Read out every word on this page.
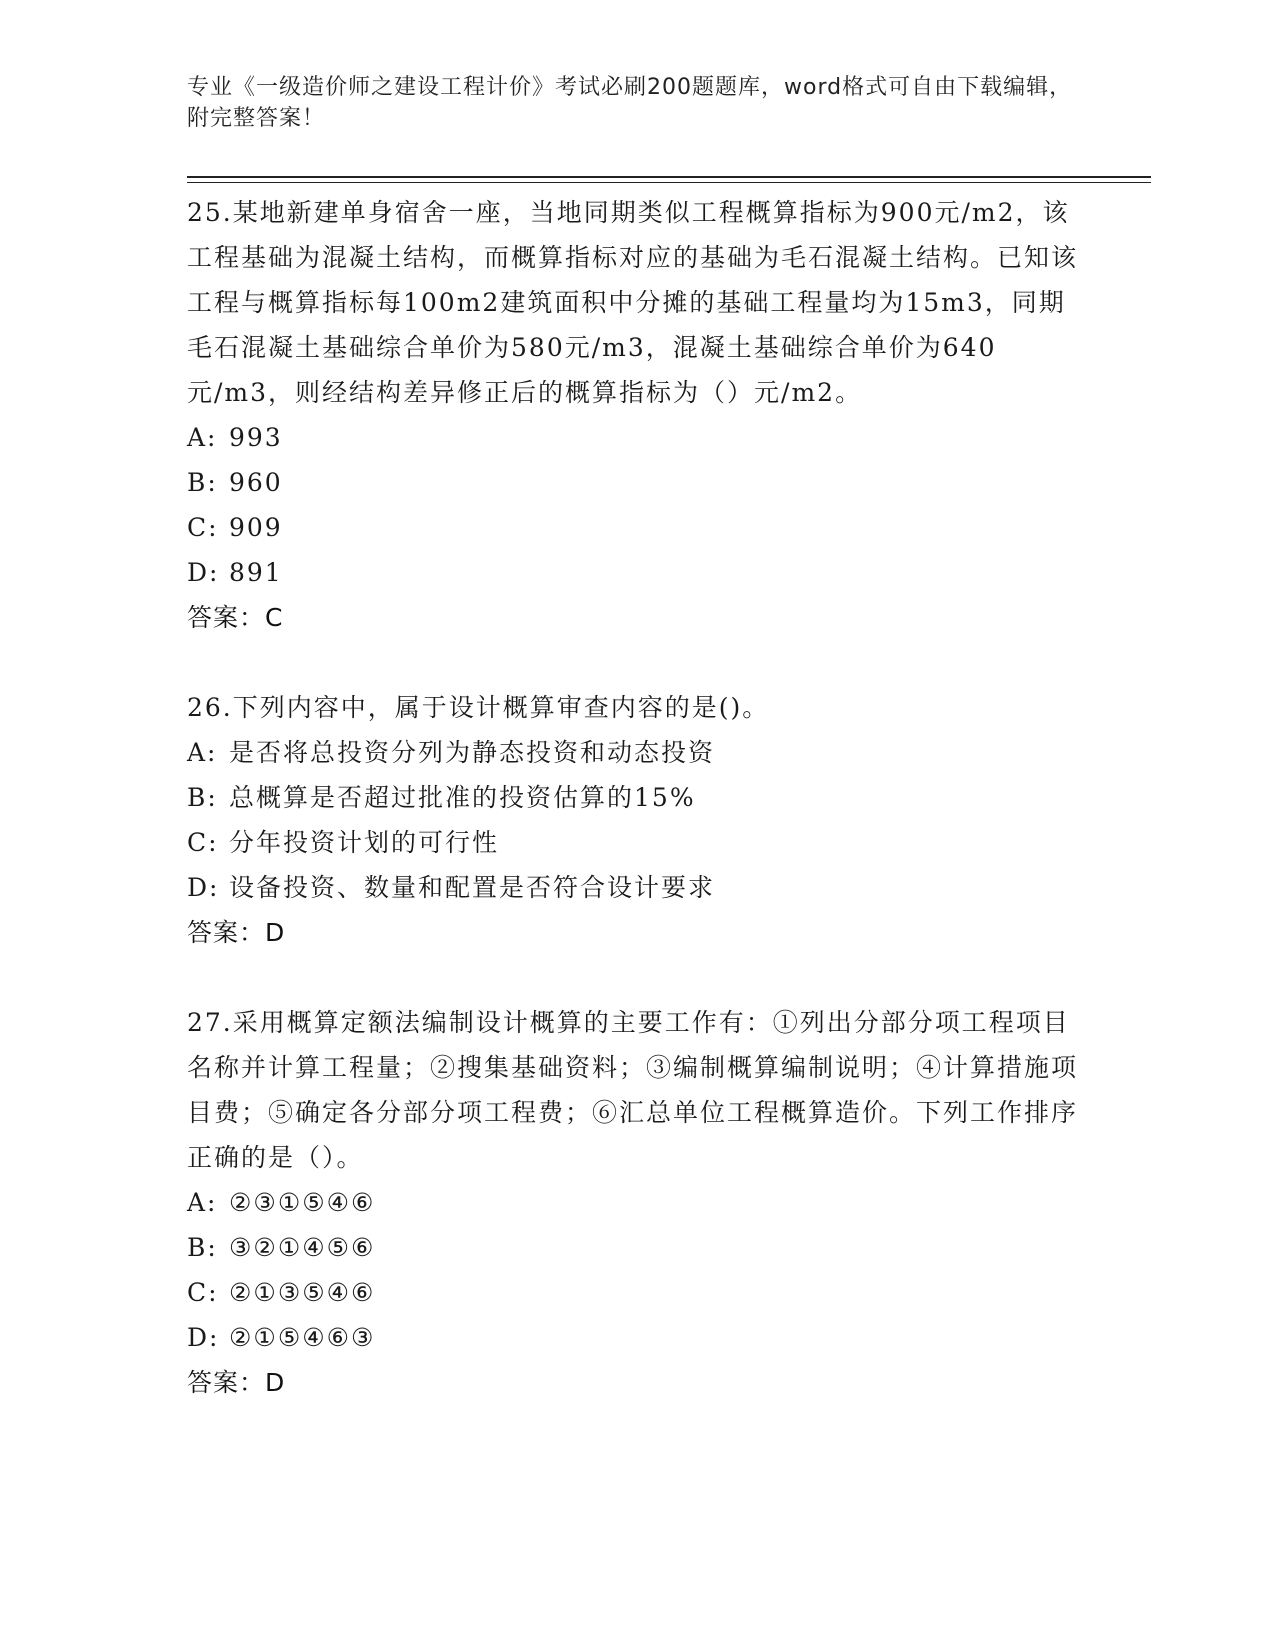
专业《一级造价师之建设工程计价》考试必刷200题题库，word格式可自由下载编辑，附完整答案！

25.某地新建单身宿舍一座，当地同期类似工程概算指标为900元/m2，该工程基础为混凝土结构，而概算指标对应的基础为毛石混凝土结构。已知该工程与概算指标每100m2建筑面积中分摊的基础工程量均为15m3，同期毛石混凝土基础综合单价为580元/m3，混凝土基础综合单价为640元/m3，则经结构差异修正后的概算指标为（）元/m2。

A: 993
B: 960
C: 909
D: 891
答案：C

26.下列内容中，属于设计概算审查内容的是()。

A: 是否将总投资分列为静态投资和动态投资
B: 总概算是否超过批准的投资估算的15%
C: 分年投资计划的可行性
D: 设备投资、数量和配置是否符合设计要求
答案：D

27.采用概算定额法编制设计概算的主要工作有：①列出分部分项工程项目名称并计算工程量；②搜集基础资料；③编制概算编制说明；④计算措施项目费；⑤确定各分部分项工程费；⑥汇总单位工程概算造价。下列工作排序正确的是（）。

A: ②③①⑤④⑥
B: ③②①④⑤⑥
C: ②①③⑤④⑥
D: ②①⑤④⑥③
答案：D
